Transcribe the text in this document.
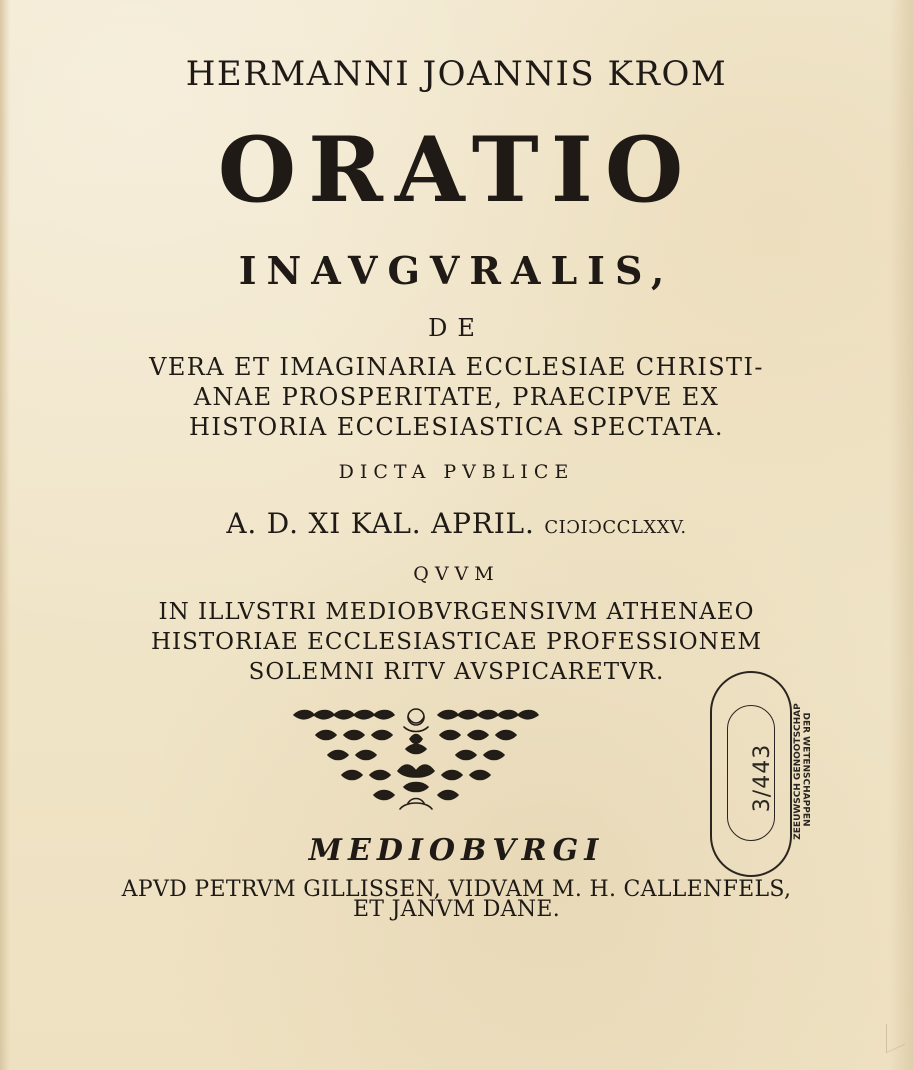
HERMANNI JOANNIS KROM
ORATIO
INAVGVRALIS,
DE
VERA ET IMAGINARIA ECCLESIAE CHRISTI-
ANAE PROSPERITATE, PRAECIPVE EX
HISTORIA ECCLESIASTICA SPECTATA.
DICTA PVBLICE
A. D. XI KAL. APRIL. CIƆIƆCCLXXV.
QVVM
IN ILLVSTRI MEDIOBVRGENSIVM ATHENAEO
HISTORIAE ECCLESIASTICAE PROFESSIONEM
SOLEMNI RITV AVSPICARETVR.
MEDIOBVRGI
APVD PETRVM GILLISSEN, VIDVAM M. H. CALLENFELS,
ET JANVM DANE.
ZEEUWSCH GENOOTSCHAP
DER WETENSCHAPPEN
3/443
